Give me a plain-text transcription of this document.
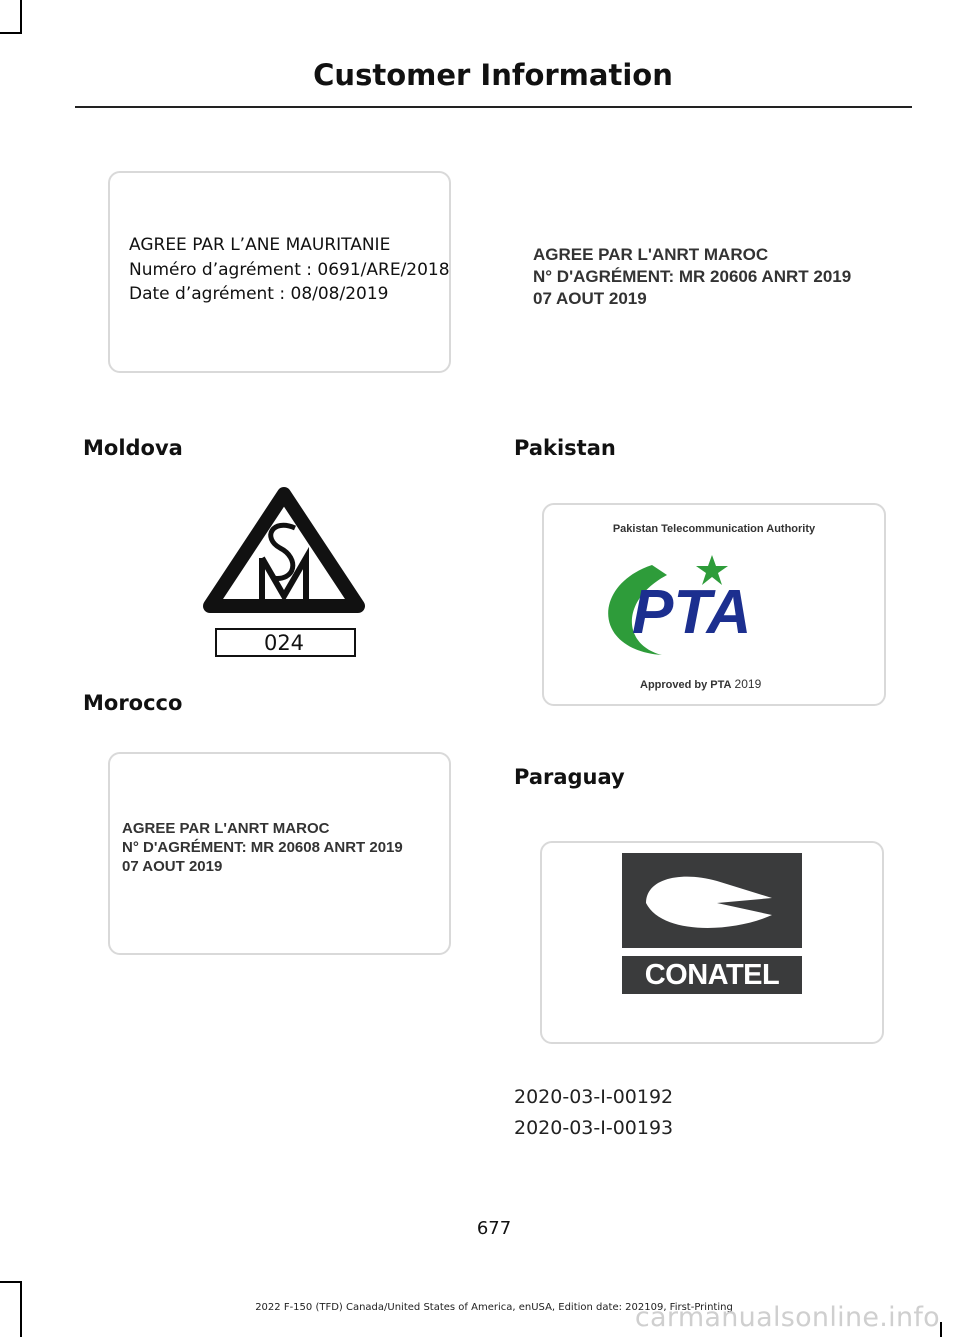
Customer Information
AGREE PAR L’ANE MAURITANIE
Numéro d’agrément : 0691/ARE/2018
Date d’agrément : 08/08/2019
AGREE PAR L'ANRT MAROC
N° D'AGRÉMENT: MR 20606 ANRT 2019
07 AOUT 2019
Moldova
024
Morocco
AGREE PAR L'ANRT MAROC
N° D'AGRÉMENT: MR 20608 ANRT 2019
07 AOUT 2019
Pakistan
Pakistan Telecommunication Authority
PTA
Approved by PTA 2019
Paraguay
CONATEL
2020-03-I-00192
2020-03-I-00193
677
2022 F-150 (TFD) Canada/United States of America, enUSA, Edition date: 202109, First-Printing
carmanualsonline.info
